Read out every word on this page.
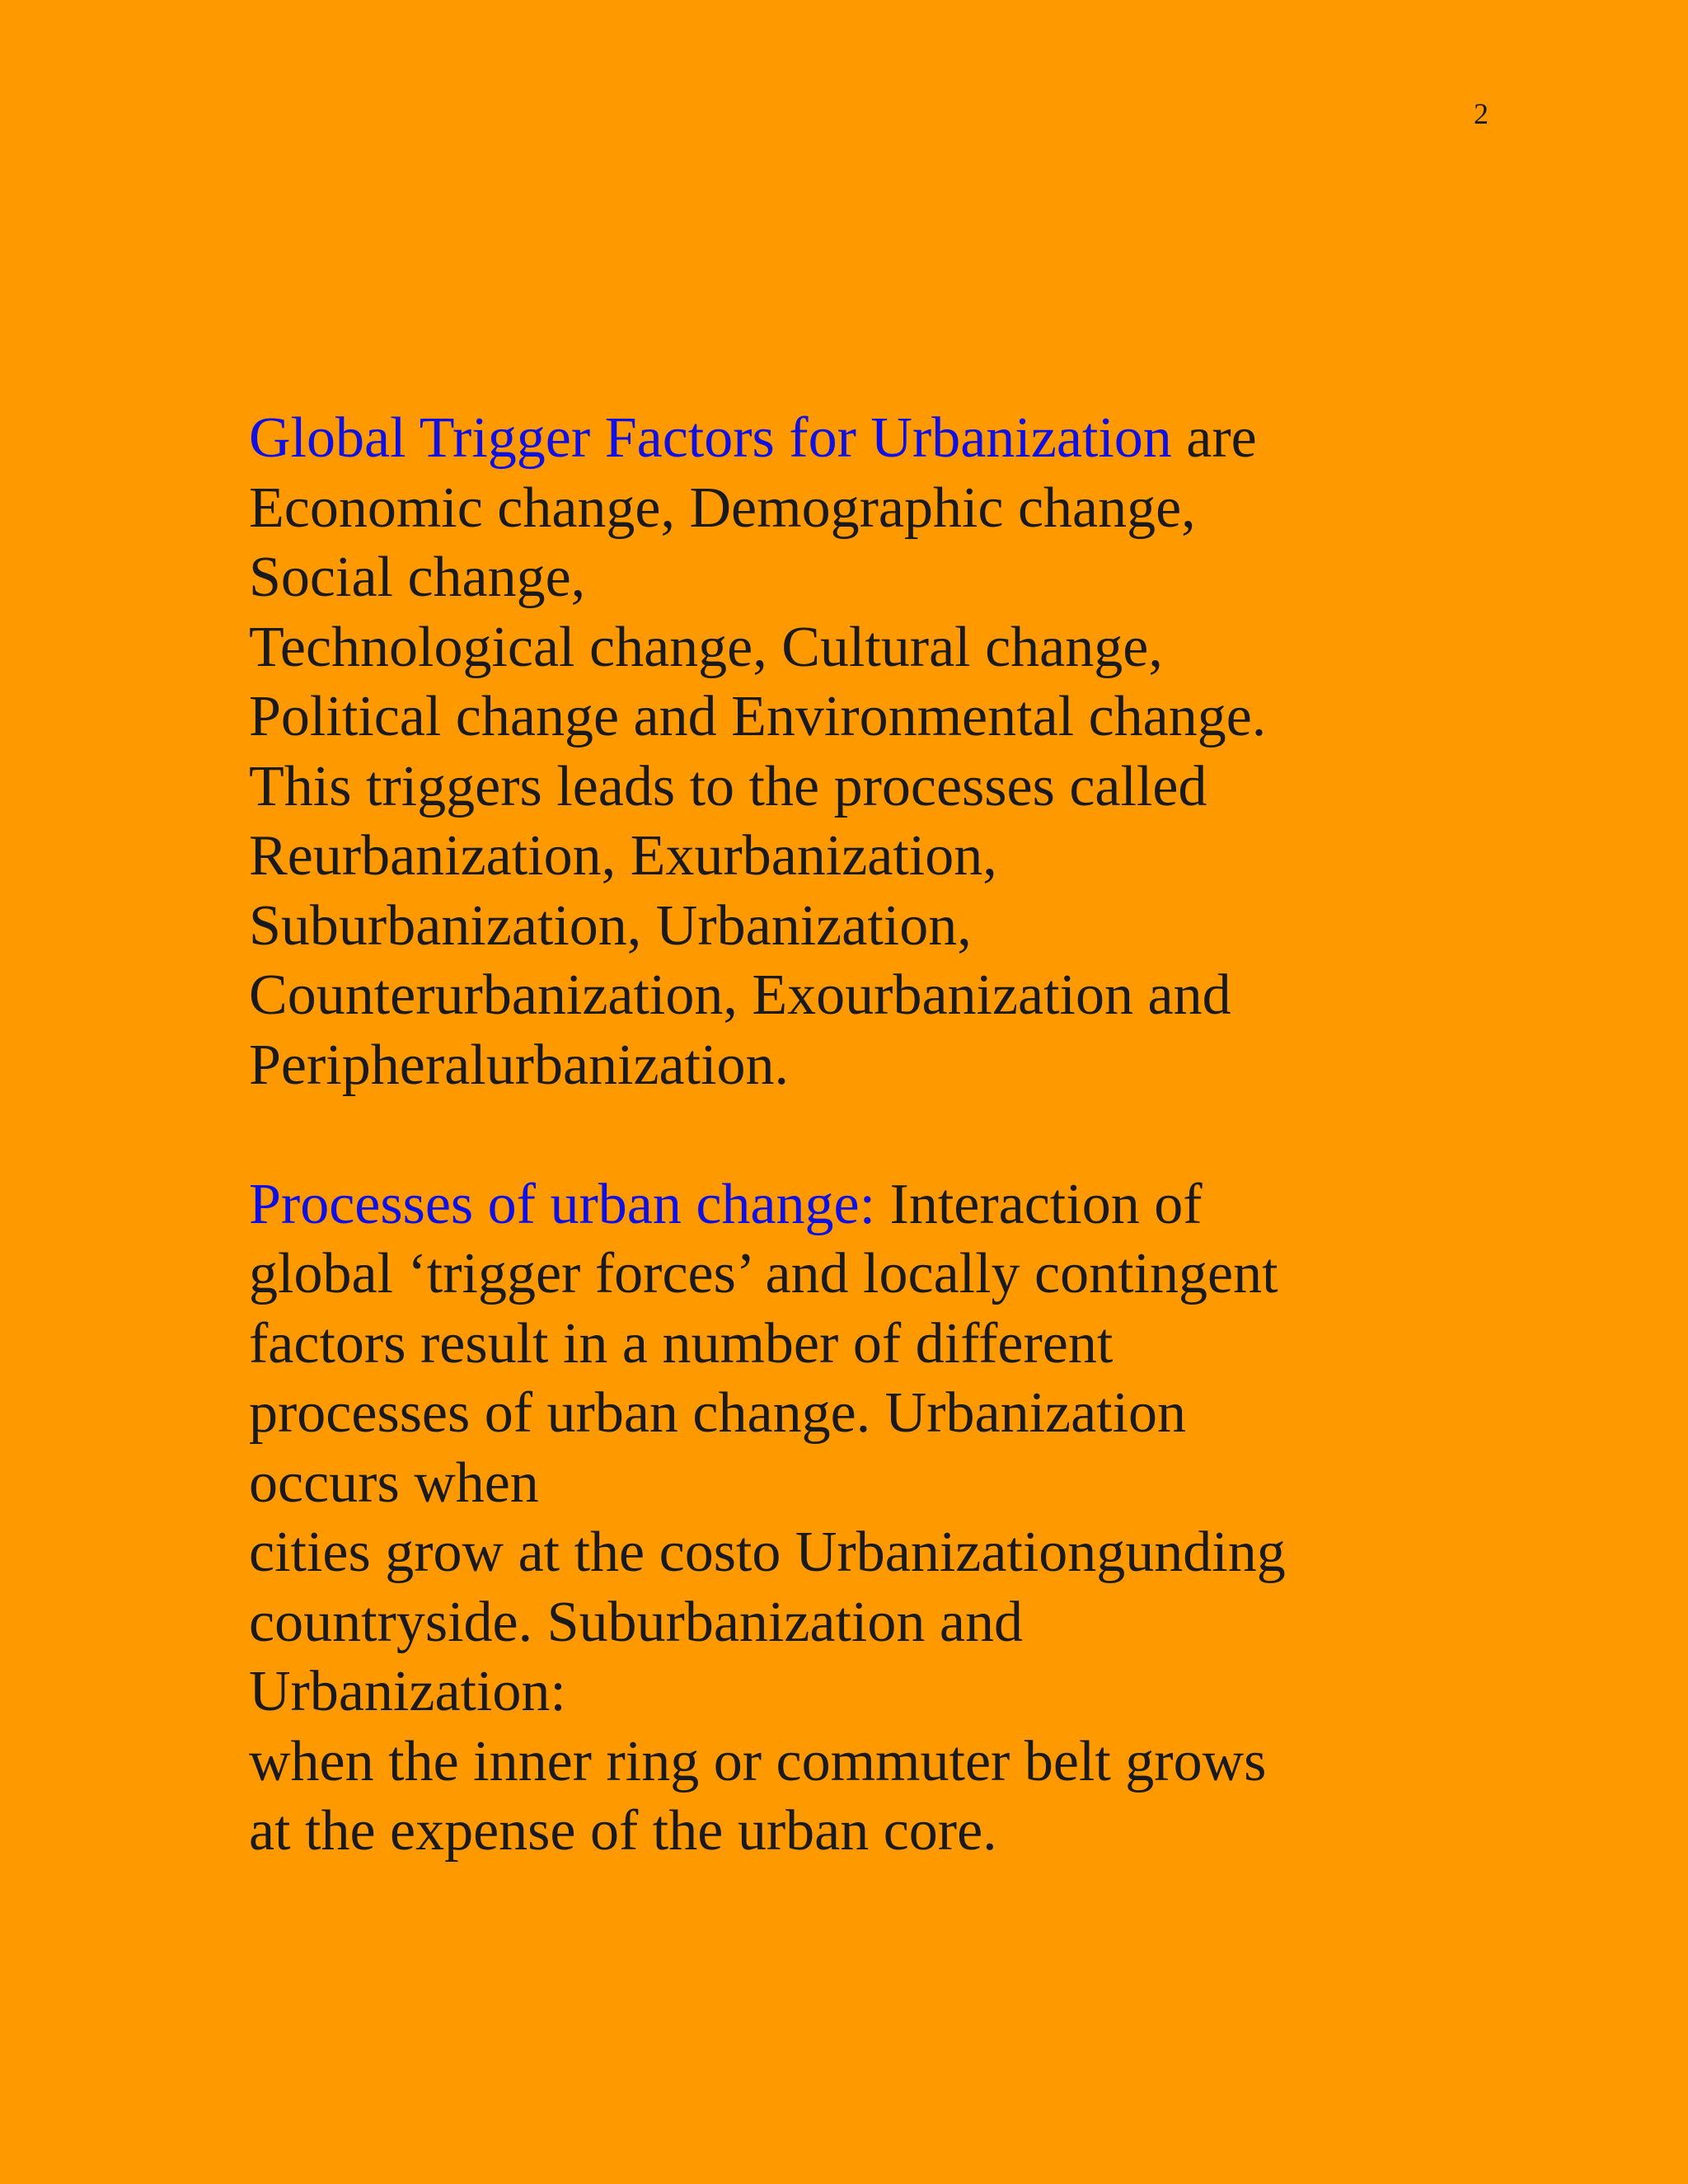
2

Global Trigger Factors for Urbanization are
Economic change, Demographic change,
Social change,
Technological change, Cultural change,
Political change and Environmental change.
This triggers leads to the processes called
Reurbanization, Exurbanization,
Suburbanization, Urbanization,
Counterurbanization, Exourbanization and
Peripheralurbanization.

Processes of urban change: Interaction of
global ‘trigger forces’ and locally contingent
factors result in a number of different
processes of urban change. Urbanization
occurs when
cities grow at the costo Urbanizationgunding
countryside. Suburbanization and
Urbanization:
when the inner ring or commuter belt grows
at the expense of the urban core.
